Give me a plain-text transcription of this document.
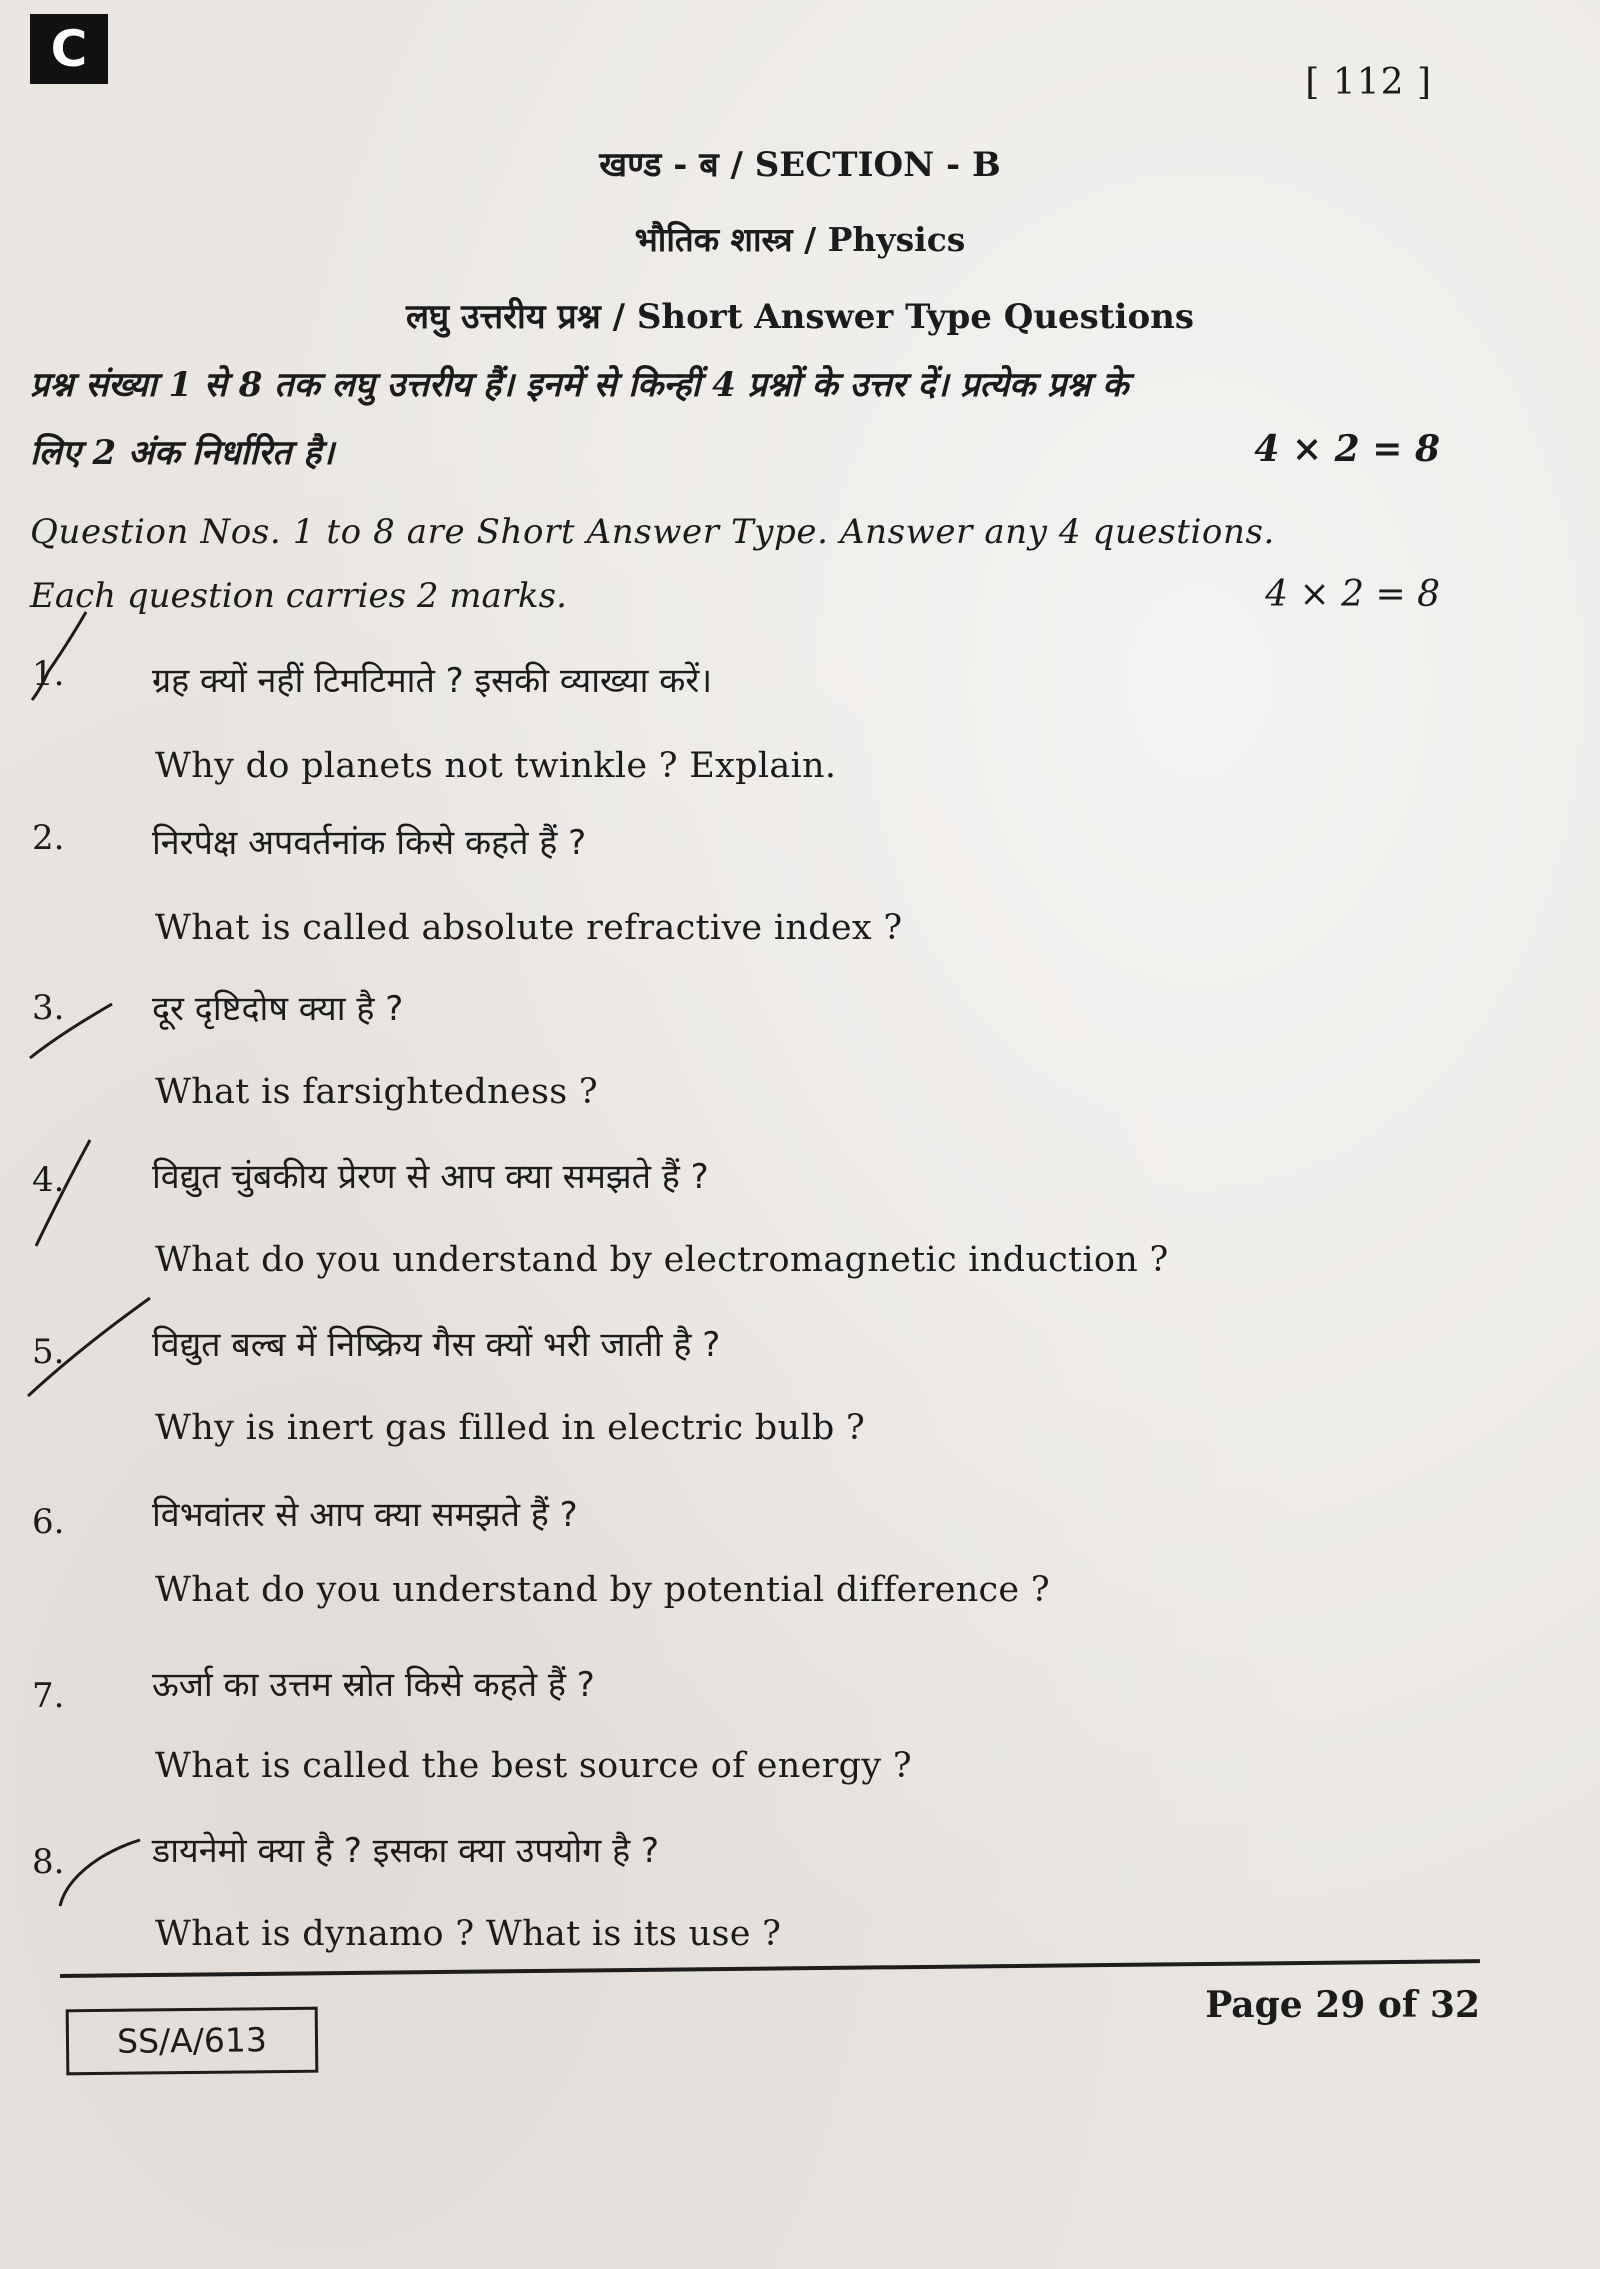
C
[ 112 ]
खण्ड - ब / SECTION - B
भौतिक शास्त्र / Physics
लघु उत्तरीय प्रश्न / Short Answer Type Questions
प्रश्न संख्या 1 से 8 तक लघु उत्तरीय हैं। इनमें से किन्हीं 4 प्रश्नों के उत्तर दें। प्रत्येक प्रश्न के
लिए 2 अंक निर्धारित है।	4 × 2 = 8
Question Nos. 1 to 8 are Short Answer Type. Answer any 4 questions.
Each question carries 2 marks.	4 × 2 = 8
1.	ग्रह क्यों नहीं टिमटिमाते ? इसकी व्याख्या करें।
Why do planets not twinkle ? Explain.
2.	निरपेक्ष अपवर्तनांक किसे कहते हैं ?
What is called absolute refractive index ?
3.	दूर दृष्टिदोष क्या है ?
What is farsightedness ?
4.	विद्युत चुंबकीय प्रेरण से आप क्या समझते हैं ?
What do you understand by electromagnetic induction ?
5.	विद्युत बल्ब में निष्क्रिय गैस क्यों भरी जाती है ?
Why is inert gas filled in electric bulb ?
6.	विभवांतर से आप क्या समझते हैं ?
What do you understand by potential difference ?
7.	ऊर्जा का उत्तम स्रोत किसे कहते हैं ?
What is called the best source of energy ?
8.	डायनेमो क्या है ? इसका क्या उपयोग है ?
What is dynamo ? What is its use ?
SS/A/613
Page 29 of 32
